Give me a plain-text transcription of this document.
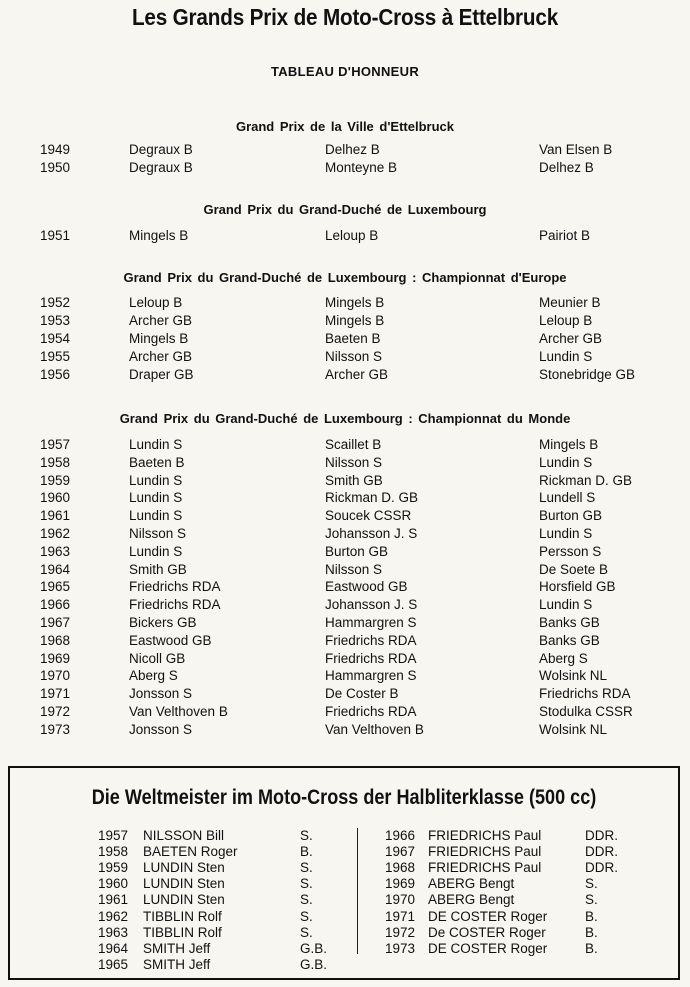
Les Grands Prix de Moto-Cross à Ettelbruck
TABLEAU D'HONNEUR
Grand Prix de la Ville d'Ettelbruck
1949	Degraux B	Delhez B	Van Elsen B
1950	Degraux B	Monteyne B	Delhez B
Grand Prix du Grand-Duché de Luxembourg
1951	Mingels B	Leloup B	Pairiot B
Grand Prix du Grand-Duché de Luxembourg : Championnat d'Europe
1952	Leloup B	Mingels B	Meunier B
1953	Archer GB	Mingels B	Leloup B
1954	Mingels B	Baeten B	Archer GB
1955	Archer GB	Nilsson S	Lundin S
1956	Draper GB	Archer GB	Stonebridge GB
Grand Prix du Grand-Duché de Luxembourg : Championnat du Monde
1957	Lundin S	Scaillet B	Mingels B
1958	Baeten B	Nilsson S	Lundin S
1959	Lundin S	Smith GB	Rickman D. GB
1960	Lundin S	Rickman D. GB	Lundell S
1961	Lundin S	Soucek CSSR	Burton GB
1962	Nilsson S	Johansson J. S	Lundin S
1963	Lundin S	Burton GB	Persson S
1964	Smith GB	Nilsson S	De Soete B
1965	Friedrichs RDA	Eastwood GB	Horsfield GB
1966	Friedrichs RDA	Johansson J. S	Lundin S
1967	Bickers GB	Hammargren S	Banks GB
1968	Eastwood GB	Friedrichs RDA	Banks GB
1969	Nicoll GB	Friedrichs RDA	Aberg S
1970	Aberg S	Hammargren S	Wolsink NL
1971	Jonsson S	De Coster B	Friedrichs RDA
1972	Van Velthoven B	Friedrichs RDA	Stodulka CSSR
1973	Jonsson S	Van Velthoven B	Wolsink NL
Die Weltmeister im Moto-Cross der Halbliterklasse (500 cc)
1957 NILSSON Bill	S.
1958 BAETEN Roger	B.
1959 LUNDIN Sten	S.
1960 LUNDIN Sten	S.
1961 LUNDIN Sten	S.
1962 TIBBLIN Rolf	S.
1963 TIBBLIN Rolf	S.
1964 SMITH Jeff	G.B.
1965 SMITH Jeff	G.B.
1966 FRIEDRICHS Paul	DDR.
1967 FRIEDRICHS Paul	DDR.
1968 FRIEDRICHS Paul	DDR.
1969 ABERG Bengt	S.
1970 ABERG Bengt	S.
1971 DE COSTER Roger	B.
1972 De COSTER Roger	B.
1973 DE COSTER Roger	B.
